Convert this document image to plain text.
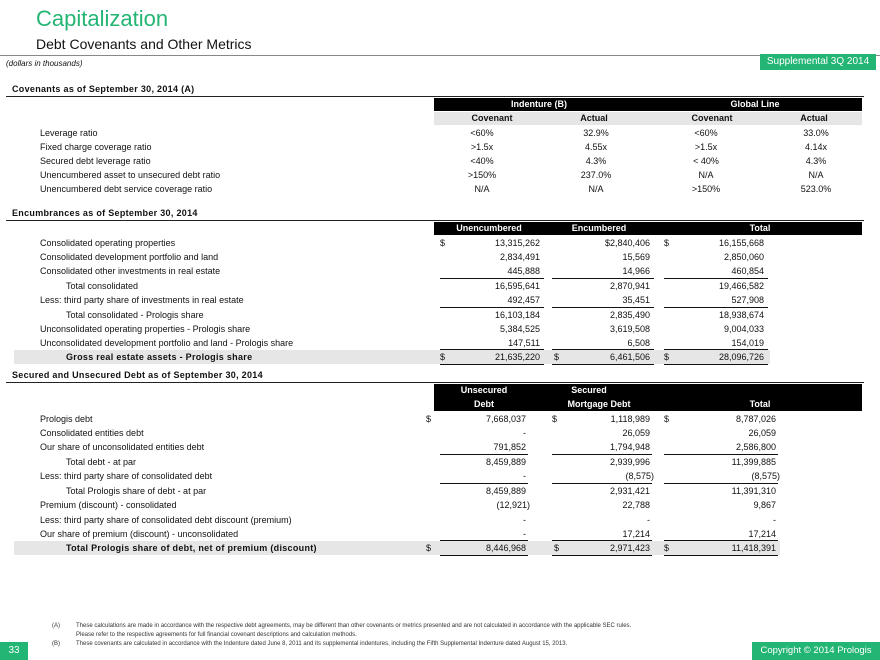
Capitalization
Debt Covenants and Other Metrics
(dollars in thousands)	Supplemental 3Q 2014
Covenants as of September 30, 2014 (A)
Indenture (B)	Global Line
Covenant	Actual	Covenant	Actual
Leverage ratio	<60%	32.9%	<60%	33.0%
Fixed charge coverage ratio	>1.5x	4.55x	>1.5x	4.14x
Secured debt leverage ratio	<40%	4.3%	< 40%	4.3%
Unencumbered asset to unsecured debt ratio	>150%	237.0%	N/A	N/A
Unencumbered debt service coverage ratio	N/A	N/A	>150%	523.0%
Encumbrances as of September 30, 2014
Unencumbered	Encumbered	Total
Consolidated operating properties	$	13,315,262	$2,840,406 $	16,155,668
Consolidated development portfolio and land	2,834,491	15,569	2,850,060
Consolidated other investments in real estate	445,888	14,966	460,854
Total consolidated	16,595,641	2,870,941	19,466,582
Less: third party share of investments in real estate	492,457	35,451	527,908
Total consolidated - Prologis share	16,103,184	2,835,490	18,938,674
Unconsolidated operating properties - Prologis share	5,384,525	3,619,508	9,004,033
Unconsolidated development portfolio and land - Prologis share	147,511	6,508	154,019
Gross real estate assets - Prologis share	$	21,635,220 $	6,461,506 $	28,096,726
Secured and Unsecured Debt as of September 30, 2014
Unsecured
Debt
Secured
Mortgage Debt	Total
Prologis debt	$	7,668,037	$	1,118,989 $	8,787,026
Consolidated entities debt	-	26,059	26,059
Our share of unconsolidated entities debt	791,852	1,794,948	2,586,800
Total debt - at par	8,459,889	2,939,996	11,399,885
Less: third party share of consolidated debt	-	(8,575)	(8,575)
Total Prologis share of debt - at par	8,459,889	2,931,421	11,391,310
Premium (discount) - consolidated	(12,921)	22,788	9,867
Less: third party share of consolidated debt discount (premium)	-	-	-
Our share of premium (discount) - unconsolidated	-	17,214	17,214
Total Prologis share of debt, net of premium (discount)	$	8,446,968	$	2,971,423 $	11,418,391
(A)	These calculations are made in accordance with the respective debt agreements, may be different than other covenants or metrics presented and are not calculated in accordance with the applicable SEC rules.
Please refer to the respective agreements for full financial covenant descriptions and calculation methods.
(B)	These covenants are calculated in accordance with the Indenture dated June 8, 2011 and its supplemental indentures, including the Fifth Supplemental Indenture dated August 15, 2013.
33	Copyright © 2014 Prologis
